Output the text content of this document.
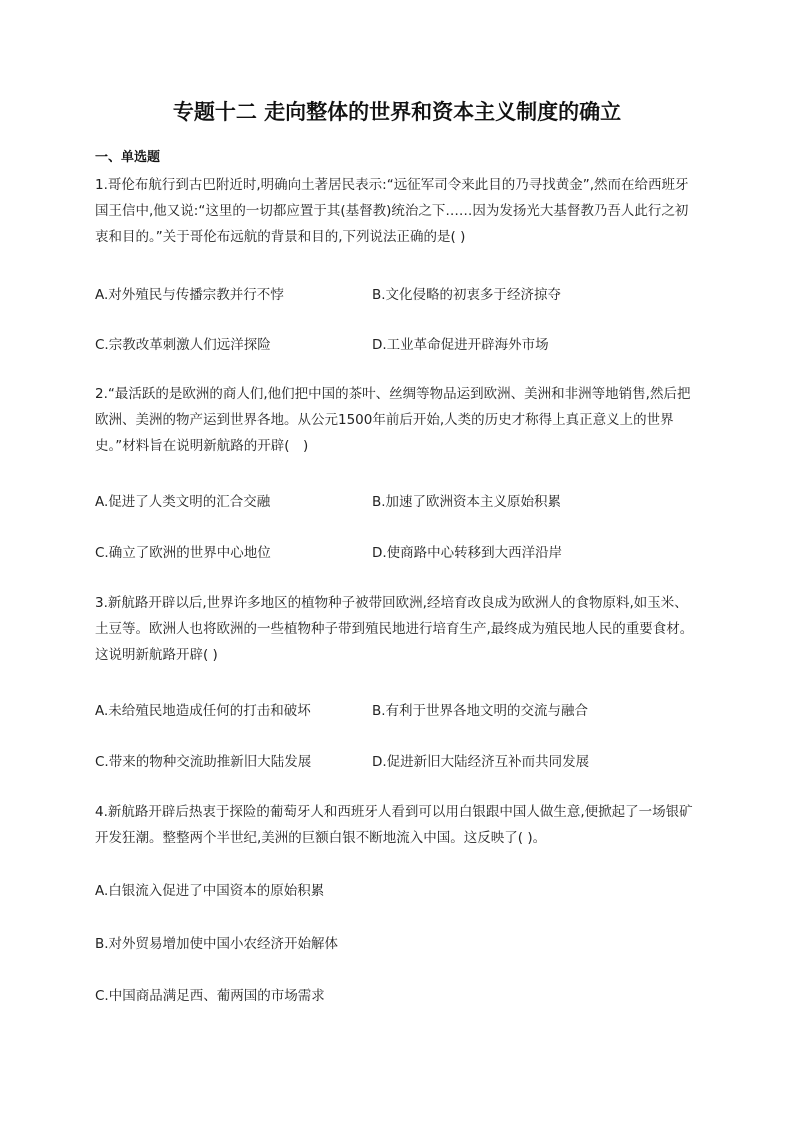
专题十二 走向整体的世界和资本主义制度的确立
一、单选题
1.哥伦布航行到古巴附近时,明确向土著居民表示:“远征军司令来此目的乃寻找黄金”,然而在给西班牙国王信中,他又说:“这里的一切都应置于其(基督教)统治之下……因为发扬光大基督教乃吾人此行之初衷和目的。”关于哥伦布远航的背景和目的,下列说法正确的是( )
A.对外殖民与传播宗教并行不悖	B.文化侵略的初衷多于经济掠夺
C.宗教改革刺激人们远洋探险	D.工业革命促进开辟海外市场
2.“最活跃的是欧洲的商人们,他们把中国的茶叶、丝绸等物品运到欧洲、美洲和非洲等地销售,然后把欧洲、美洲的物产运到世界各地。从公元1500年前后开始,人类的历史才称得上真正意义上的世界史。”材料旨在说明新航路的开辟(　)
A.促进了人类文明的汇合交融	B.加速了欧洲资本主义原始积累
C.确立了欧洲的世界中心地位	D.使商路中心转移到大西洋沿岸
3.新航路开辟以后,世界许多地区的植物种子被带回欧洲,经培育改良成为欧洲人的食物原料,如玉米、土豆等。欧洲人也将欧洲的一些植物种子带到殖民地进行培育生产,最终成为殖民地人民的重要食材。这说明新航路开辟( )
A.未给殖民地造成任何的打击和破坏	B.有利于世界各地文明的交流与融合
C.带来的物种交流助推新旧大陆发展	D.促进新旧大陆经济互补而共同发展
4.新航路开辟后热衷于探险的葡萄牙人和西班牙人看到可以用白银跟中国人做生意,便掀起了一场银矿开发狂潮。整整两个半世纪,美洲的巨额白银不断地流入中国。这反映了( )。
A.白银流入促进了中国资本的原始积累
B.对外贸易增加使中国小农经济开始解体
C.中国商品满足西、葡两国的市场需求
